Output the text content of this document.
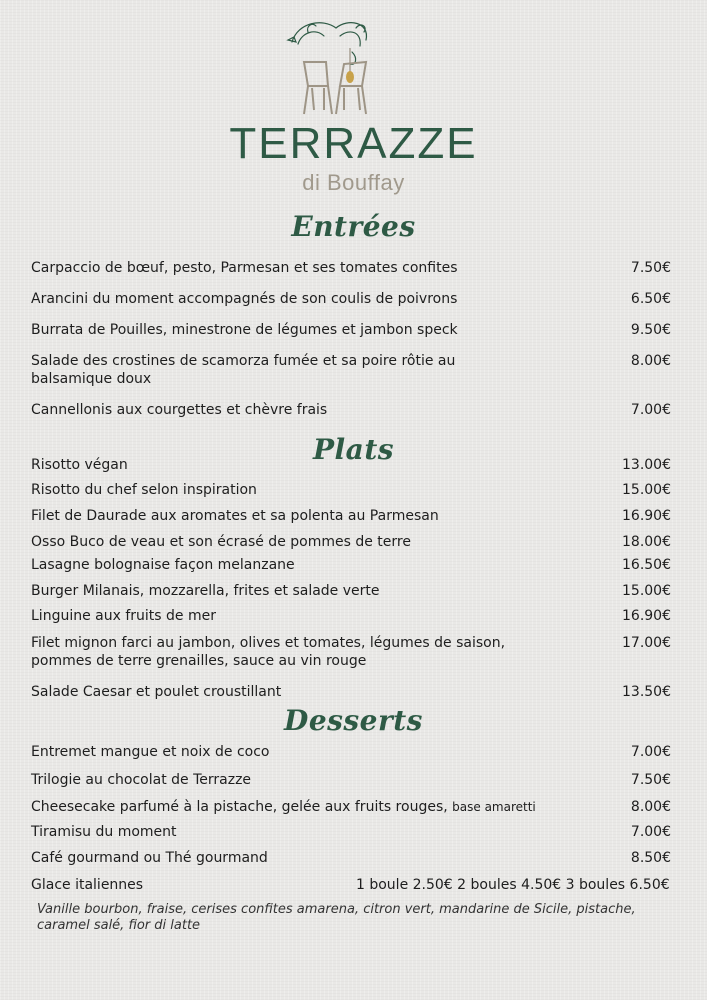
TERRAZZE
di Bouffay
Entrées
Carpaccio de bœuf, pesto, Parmesan et ses tomates confites	7.50€
Arancini du moment accompagnés de son coulis de poivrons	6.50€
Burrata de Pouilles, minestrone de légumes et jambon speck	9.50€
Salade des crostines de scamorza fumée et sa poire rôtie au balsamique doux
8.00€
Cannellonis aux courgettes et chèvre frais	7.00€
Plats
Risotto végan	13.00€
Risotto du chef selon inspiration	15.00€
Filet de Daurade aux aromates et sa polenta au Parmesan	16.90€
Osso Buco de veau et son écrasé de pommes de terre	18.00€
Lasagne bolognaise façon melanzane	16.50€
Burger Milanais, mozzarella, frites et salade verte	15.00€
Linguine aux fruits de mer	16.90€
Filet mignon farci au jambon, olives et tomates, légumes de saison, pommes de terre grenailles, sauce au vin rouge
17.00€
Salade Caesar et poulet croustillant	13.50€
Desserts
Entremet mangue et noix de coco	7.00€
Trilogie au chocolat de Terrazze	7.50€
Cheesecake parfumé à la pistache, gelée aux fruits rouges, base amaretti	8.00€
Tiramisu du moment	7.00€
Café gourmand ou Thé gourmand	8.50€
Glace italiennes	1 boule 2.50€ 2 boules 4.50€ 3 boules 6.50€
Vanille bourbon, fraise, cerises confites amarena, citron vert, mandarine de Sicile, pistache, caramel salé, fior di latte
